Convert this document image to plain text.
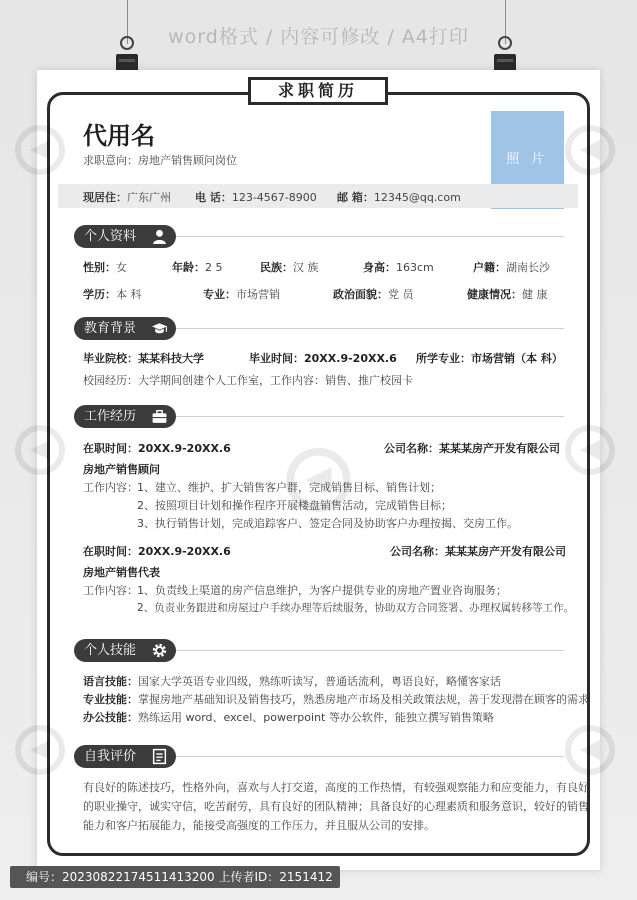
word格式 / 内容可修改 / A4打印
求职简历
代用名
求职意向：房地产销售顾问岗位	照 片
现居住：广东广州 电 话：123-4567-8900 邮 箱：12345@qq.com
个人资料
性别：女	年龄：2 5	民族：汉 族	身高：163cm	户籍：湖南长沙
学历：本 科	专业：市场营销	政治面貌：党 员	健康情况：健 康
教育背景
毕业院校：某某科技大学	毕业时间：20XX.9-20XX.6 所学专业：市场营销（本 科）
校园经历：大学期间创建个人工作室，工作内容：销售、推广校园卡
工作经历
在职时间：20XX.9-20XX.6	公司名称：某某某房产开发有限公司
房地产销售顾问
工作内容： 1、建立、维护、扩大销售客户群，完成销售目标、销售计划；
2、按照项目计划和操作程序开展楼盘销售活动，完成销售目标；
3、执行销售计划，完成追踪客户、签定合同及协助客户办理按揭、交房工作。
在职时间：20XX.9-20XX.6	公司名称：某某某房产开发有限公司
房地产销售代表
工作内容： 1、负责线上渠道的房产信息维护，为客户提供专业的房地产置业咨询服务；
2、负责业务跟进和房屋过户手续办理等后续服务，协助双方合同签署、办理权属转移等工作。
个人技能
语言技能：国家大学英语专业四级，熟练听读写，普通话流利，粤语良好，略懂客家话
专业技能：掌握房地产基础知识及销售技巧，熟悉房地产市场及相关政策法规，善于发现潜在顾客的需求
办公技能：熟练运用 word、excel、powerpoint 等办公软件，能独立撰写销售策略
自我评价
有良好的陈述技巧，性格外向，喜欢与人打交道，高度的工作热情，有较强观察能力和应变能力，有良好
的职业操守，诚实守信，吃苦耐劳，具有良好的团队精神；具备良好的心理素质和服务意识，较好的销售
能力和客户拓展能力，能接受高强度的工作压力，并且服从公司的安排。
编号：20230822174511413200 上传者ID：2151412
